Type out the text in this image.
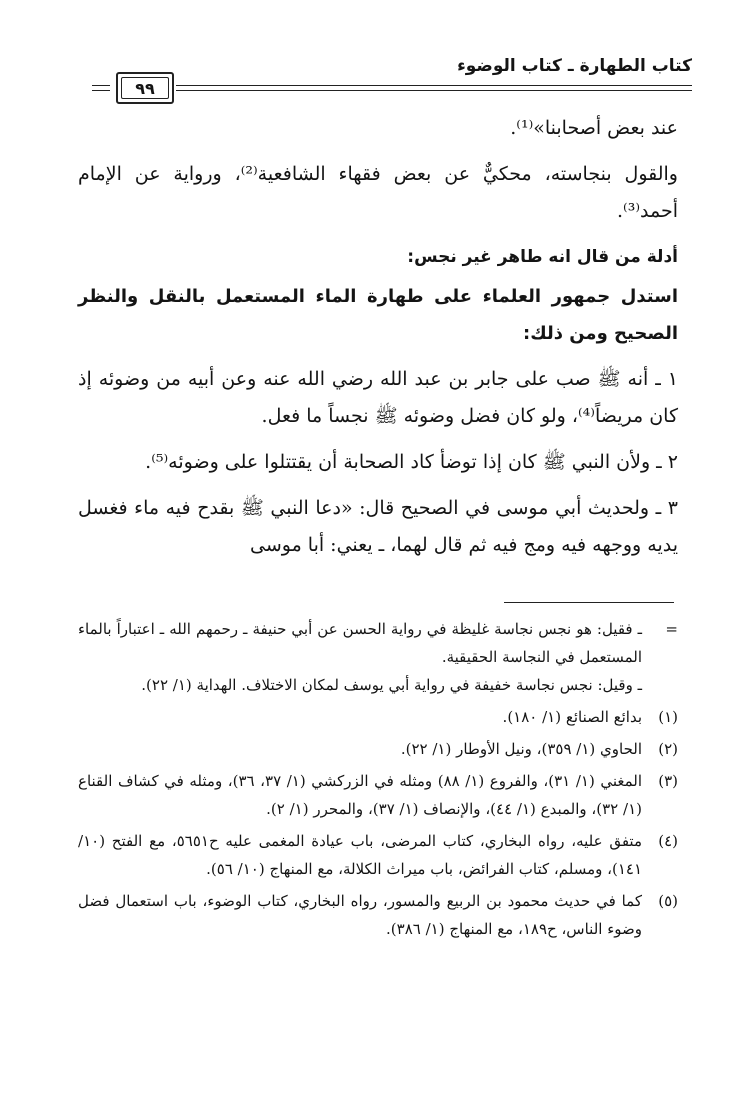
كتاب الطهارة ـ كتاب الوضوء
٩٩

عند بعض أصحابنا»⁽¹⁾.

والقول بنجاسته، محكيٌّ عن بعض فقهاء الشافعية⁽²⁾، ورواية عن الإمام أحمد⁽³⁾.

أدلة من قال انه طاهر غير نجس:

استدل جمهور العلماء على طهارة الماء المستعمل بالنقل والنظر الصحيح ومن ذلك:

١ ـ أنه ﷺ صب على جابر بن عبد الله رضي الله عنه وعن أبيه من وضوئه إذ كان مريضاً⁽⁴⁾، ولو كان فضل وضوئه ﷺ نجساً ما فعل.

٢ ـ ولأن النبي ﷺ كان إذا توضأ كاد الصحابة أن يقتتلوا على وضوئه⁽⁵⁾.

٣ ـ ولحديث أبي موسى في الصحيح قال: «دعا النبي ﷺ بقدح فيه ماء فغسل يديه ووجهه فيه ومج فيه ثم قال لهما، ـ يعني: أبا موسى

=
ـ فقيل: هو نجس نجاسة غليظة في رواية الحسن عن أبي حنيفة ـ رحمهم الله ـ اعتباراً بالماء المستعمل في النجاسة الحقيقية.
ـ وقيل: نجس نجاسة خفيفة في رواية أبي يوسف لمكان الاختلاف. الهداية (١/ ٢٢).
(١)
بدائع الصنائع (١/ ١٨٠).
(٢)
الحاوي (١/ ٣٥٩)، ونيل الأوطار (١/ ٢٢).
(٣)
المغني (١/ ٣١)، والفروع (١/ ٨٨) ومثله في الزركشي (١/ ٣٧، ٣٦)، ومثله في كشاف القناع (١/ ٣٢)، والمبدع (١/ ٤٤)، والإنصاف (١/ ٣٧)، والمحرر (١/ ٢).
(٤)
متفق عليه، رواه البخاري، كتاب المرضى، باب عيادة المغمى عليه ح٥٦٥١، مع الفتح (١٠/ ١٤١)، ومسلم، كتاب الفرائض، باب ميراث الكلالة، مع المنهاج (١٠/ ٥٦).
(٥)
كما في حديث محمود بن الربيع والمسور، رواه البخاري، كتاب الوضوء، باب استعمال فضل وضوء الناس، ح١٨٩، مع المنهاج (١/ ٣٨٦).
